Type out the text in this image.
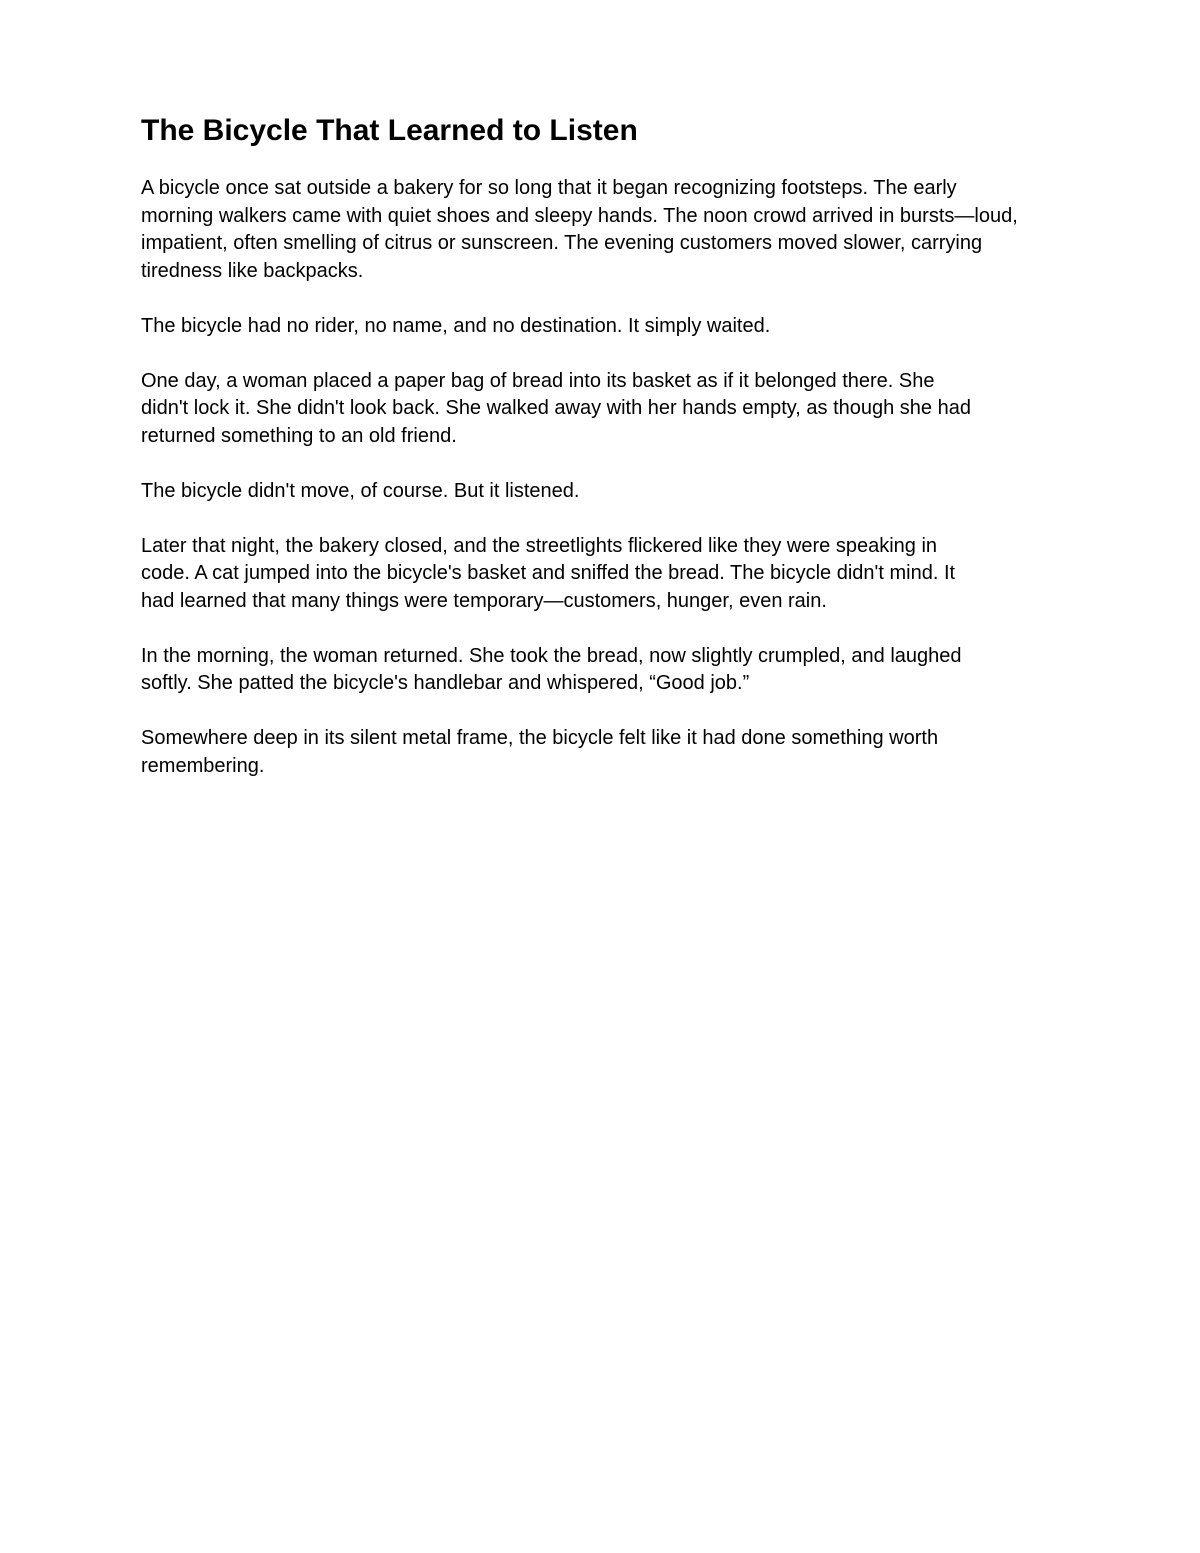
The Bicycle That Learned to Listen

A bicycle once sat outside a bakery for so long that it began recognizing footsteps. The early
morning walkers came with quiet shoes and sleepy hands. The noon crowd arrived in bursts—loud,
impatient, often smelling of citrus or sunscreen. The evening customers moved slower, carrying
tiredness like backpacks.

The bicycle had no rider, no name, and no destination. It simply waited.

One day, a woman placed a paper bag of bread into its basket as if it belonged there. She
didn't lock it. She didn't look back. She walked away with her hands empty, as though she had
returned something to an old friend.

The bicycle didn't move, of course. But it listened.

Later that night, the bakery closed, and the streetlights flickered like they were speaking in
code. A cat jumped into the bicycle's basket and sniffed the bread. The bicycle didn't mind. It
had learned that many things were temporary—customers, hunger, even rain.

In the morning, the woman returned. She took the bread, now slightly crumpled, and laughed
softly. She patted the bicycle's handlebar and whispered, “Good job.”

Somewhere deep in its silent metal frame, the bicycle felt like it had done something worth
remembering.
